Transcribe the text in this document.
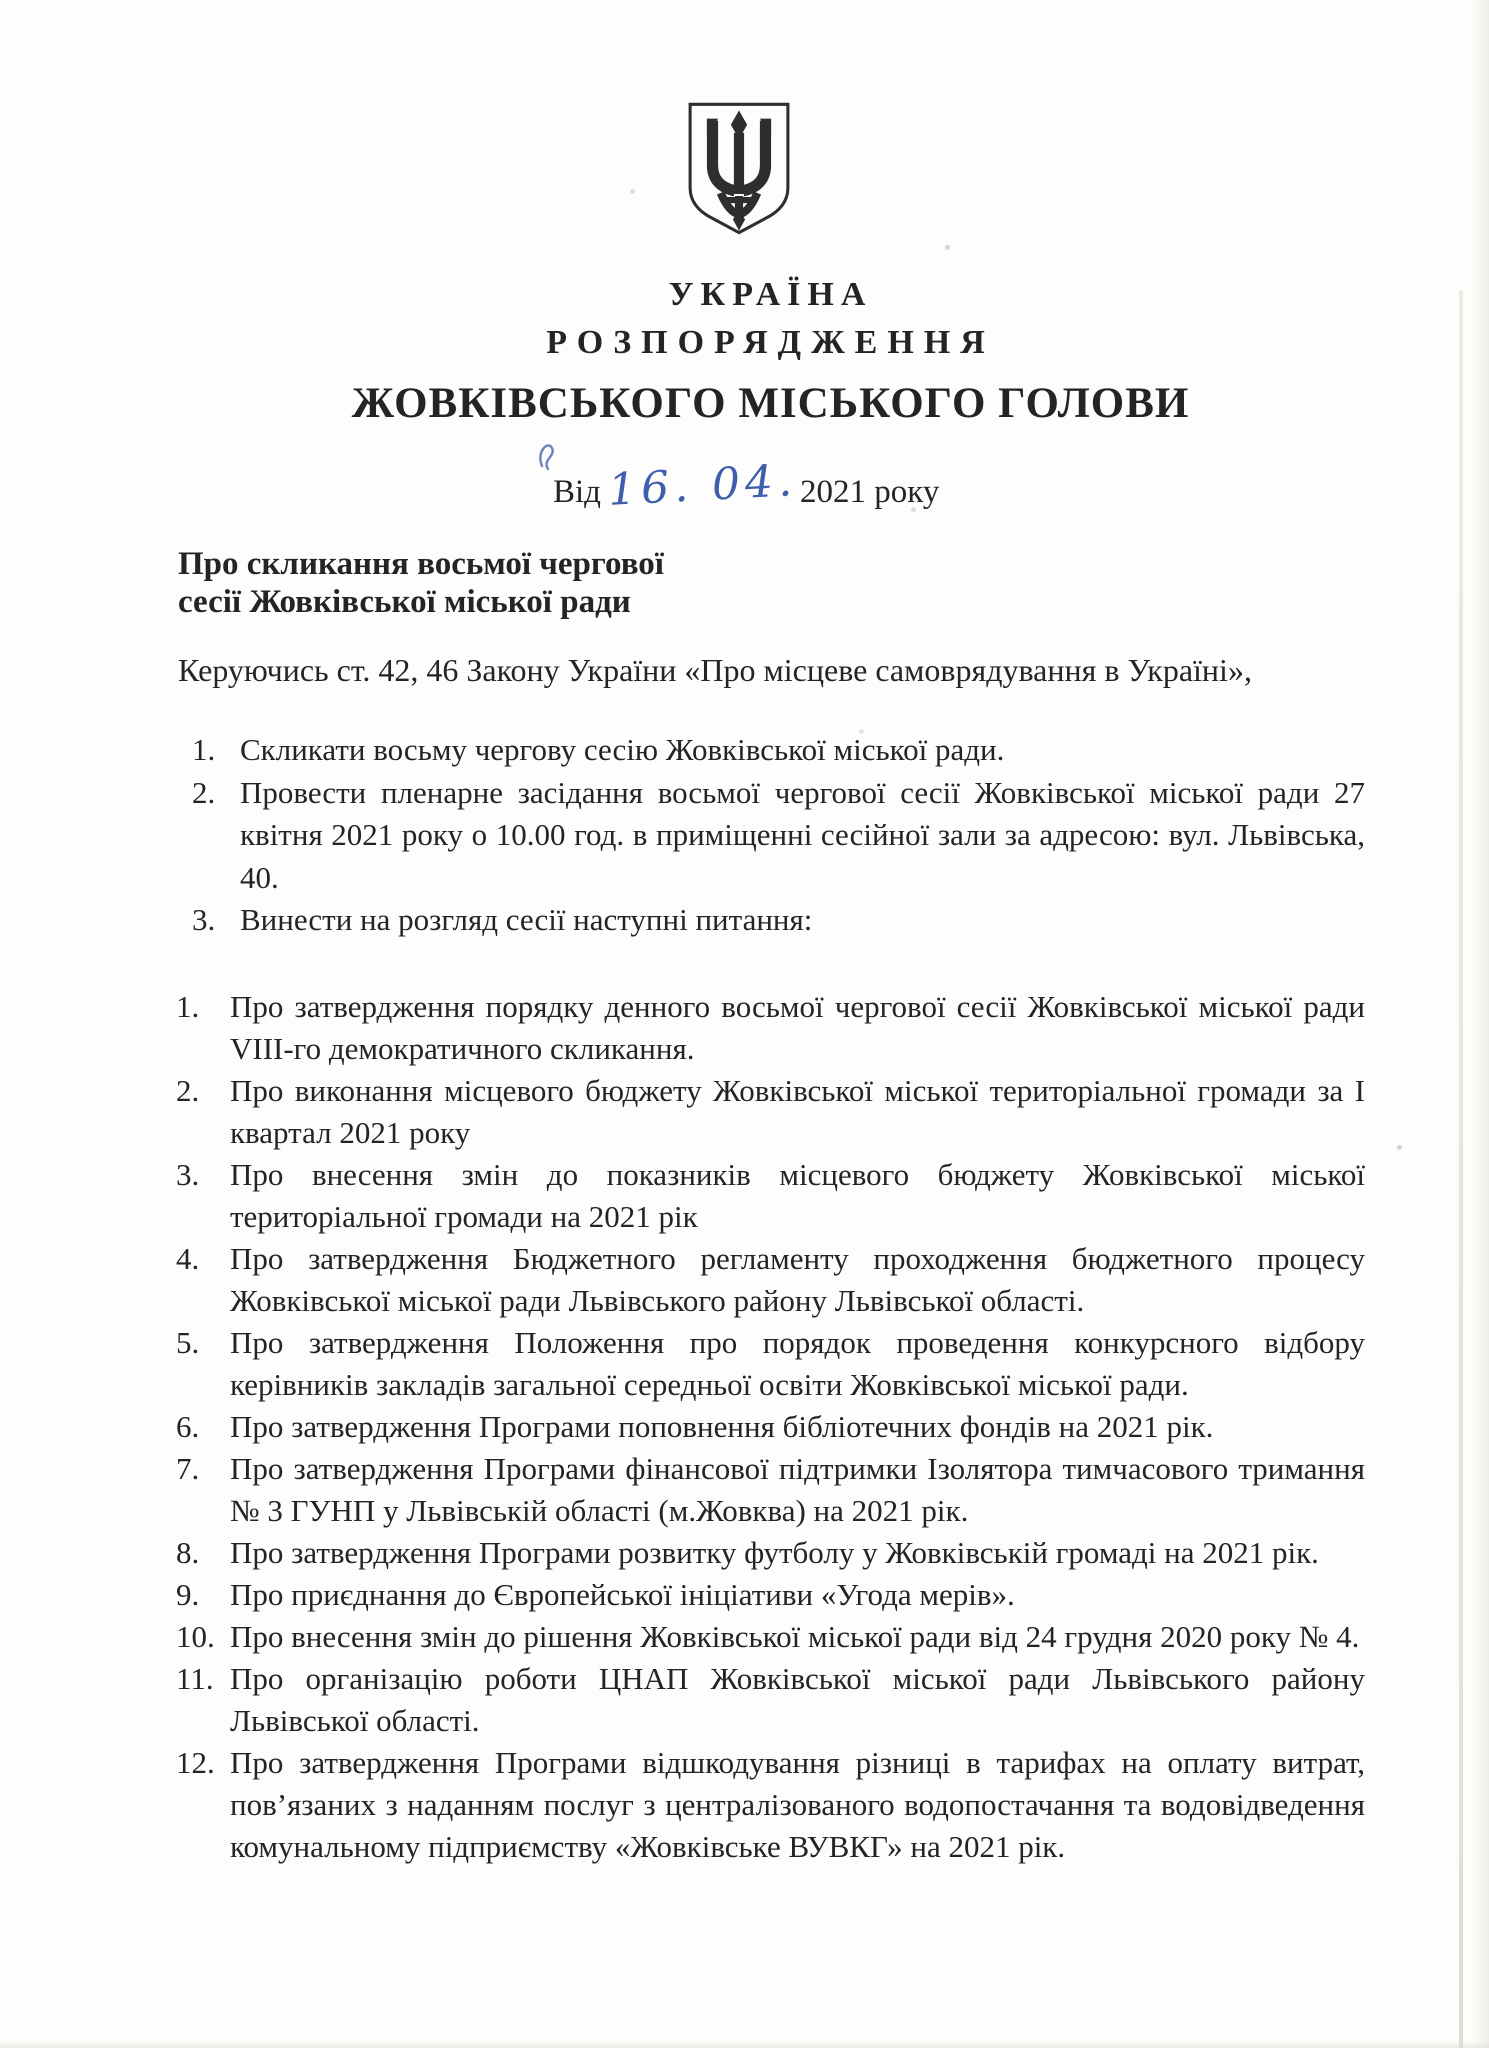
УКРАЇНА
РОЗПОРЯДЖЕННЯ
ЖОВКІВСЬКОГО МІСЬКОГО ГОЛОВИ
Від 16. 04. 2021 року
Про скликання восьмої чергової
сесії Жовківської міської ради
Керуючись ст. 42, 46 Закону України «Про місцеве самоврядування в Україні»,
1. Скликати восьму чергову сесію Жовківської міської ради.
2. Провести пленарне засідання восьмої чергової сесії Жовківської міської ради 27 квітня 2021 року о 10.00 год. в приміщенні сесійної зали за адресою: вул. Львівська, 40.
3. Винести на розгляд сесії наступні питання:
1. Про затвердження порядку денного восьмої чергової сесії Жовківської міської ради VIII-го демократичного скликання.
2. Про виконання місцевого бюджету Жовківської міської територіальної громади за І квартал 2021 року
3. Про внесення змін до показників місцевого бюджету Жовківської міської територіальної громади на 2021 рік
4. Про затвердження Бюджетного регламенту проходження бюджетного процесу Жовківської міської ради Львівського району Львівської області.
5. Про затвердження Положення про порядок проведення конкурсного відбору керівників закладів загальної середньої освіти Жовківської міської ради.
6. Про затвердження Програми поповнення бібліотечних фондів на 2021 рік.
7. Про затвердження Програми фінансової підтримки Ізолятора тимчасового тримання № 3 ГУНП у Львівській області (м.Жовква) на 2021 рік.
8. Про затвердження Програми розвитку футболу у Жовківській громаді на 2021 рік.
9. Про приєднання до Європейської ініціативи «Угода мерів».
10. Про внесення змін до рішення Жовківської міської ради від 24 грудня 2020 року № 4.
11. Про організацію роботи ЦНАП Жовківської міської ради Львівського району Львівської області.
12. Про затвердження Програми відшкодування різниці в тарифах на оплату витрат, пов’язаних з наданням послуг з централізованого водопостачання та водовідведення комунальному підприємству «Жовківське ВУВКГ» на 2021 рік.
